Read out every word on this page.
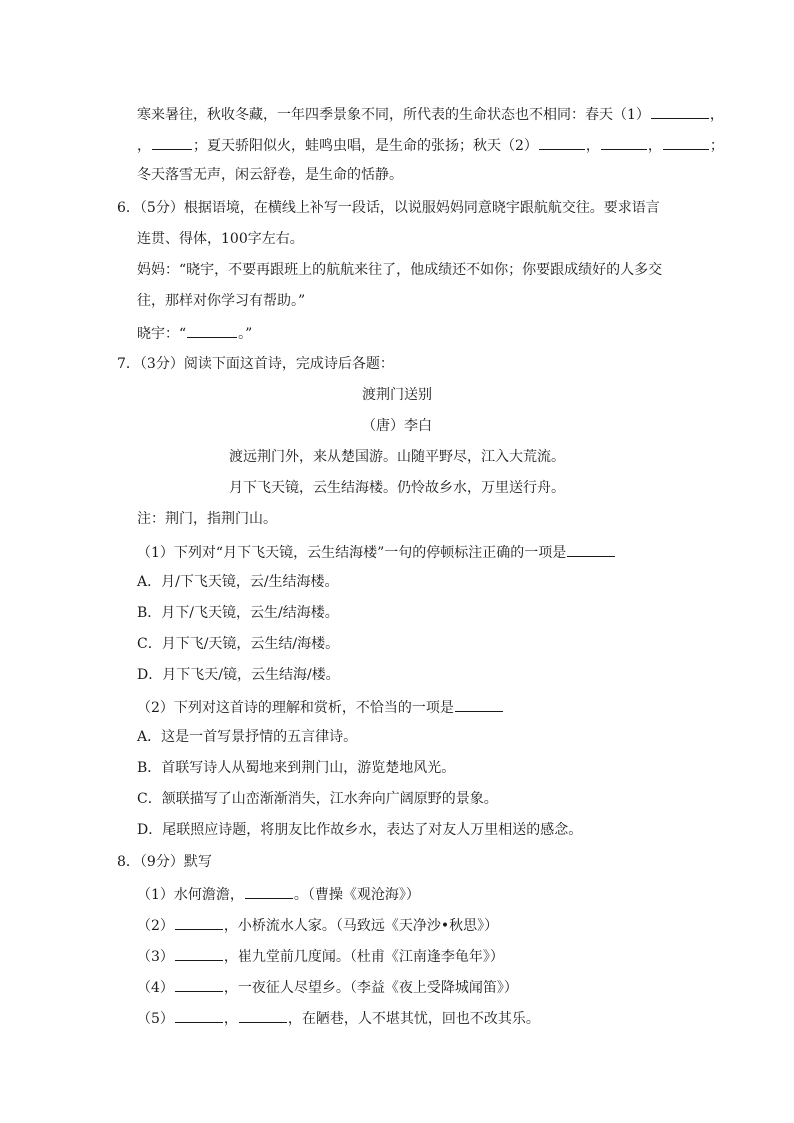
寒来暑往，秋收冬藏，一年四季景象不同，所代表的生命状态也不相同：春天（1）	，
，	；夏天骄阳似火，蛙鸣虫唱，是生命的张扬；秋天（2）	，	，	；
冬天落雪无声，闲云舒卷，是生命的恬静。
6．（5分）根据语境，在横线上补写一段话，以说服妈妈同意晓宇跟航航交往。要求语言
连贯、得体，100字左右。
妈妈：“晓宇，不要再跟班上的航航来往了，他成绩还不如你；你要跟成绩好的人多交
往，那样对你学习有帮助。”
晓宇：“	。”
7．（3分）阅读下面这首诗，完成诗后各题：
渡荆门送别
（唐）李白
渡远荆门外，来从楚国游。山随平野尽，江入大荒流。
月下飞天镜，云生结海楼。仍怜故乡水，万里送行舟。
注：荆门，指荆门山。
（1）下列对“月下飞天镜，云生结海楼”一句的停顿标注正确的一项是
A．月/下飞天镜，云/生结海楼。
B．月下/飞天镜，云生/结海楼。
C．月下飞/天镜，云生结/海楼。
D．月下飞天/镜，云生结海/楼。
（2）下列对这首诗的理解和赏析，不恰当的一项是
A．这是一首写景抒情的五言律诗。
B．首联写诗人从蜀地来到荆门山，游览楚地风光。
C．颔联描写了山峦渐渐消失，江水奔向广阔原野的景象。
D．尾联照应诗题，将朋友比作故乡水，表达了对友人万里相送的感念。
8．（9分）默写
（1）水何澹澹，	。（曹操《观沧海》）
（2）	，小桥流水人家。（马致远《天净沙•秋思》）
（3）	，崔九堂前几度闻。（杜甫《江南逢李龟年》）
（4）	，一夜征人尽望乡。（李益《夜上受降城闻笛》）
（5）	，	，在陋巷，人不堪其忧，回也不改其乐。
